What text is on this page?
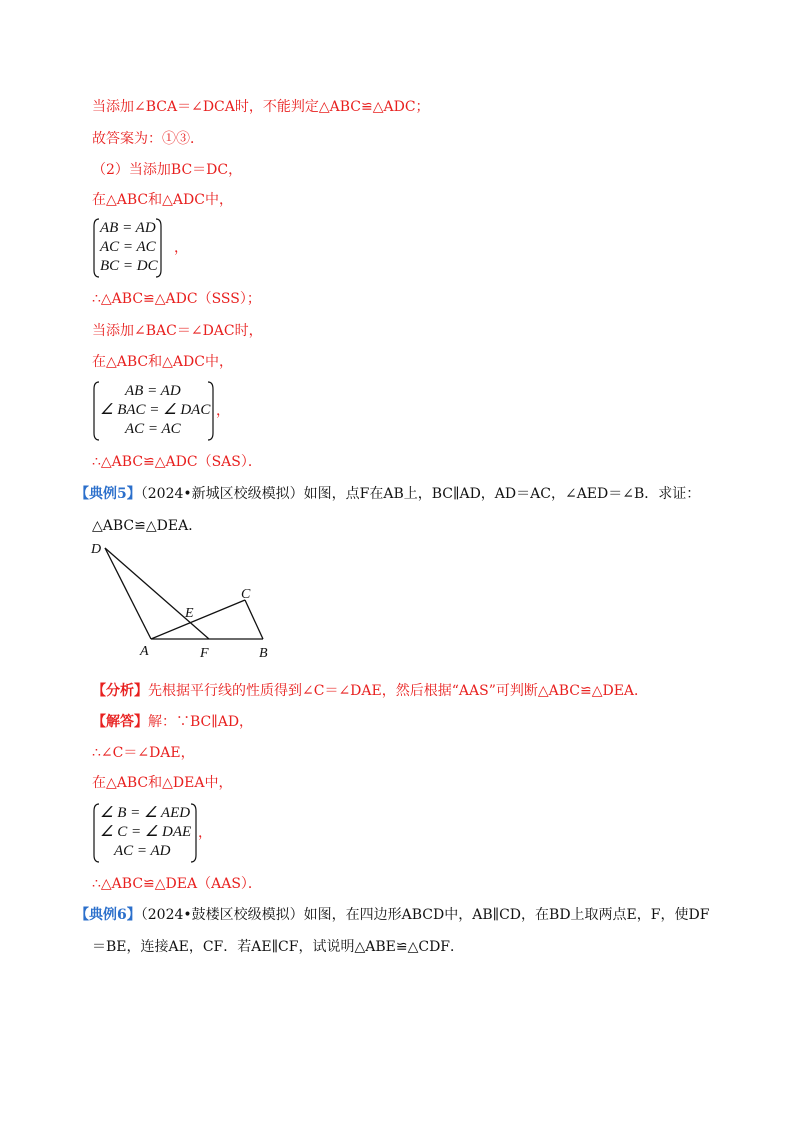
当添加∠BCA＝∠DCA时，不能判定△ABC≌△ADC；
故答案为：①③．
（2）当添加BC＝DC，
在△ABC和△ADC中，
AB = AD
AC = AC
BC = DC
，
∴△ABC≌△ADC（SSS）；
当添加∠BAC＝∠DAC时，
在△ABC和△ADC中，
AB = AD
∠ BAC = ∠ DAC
AC = AC
，
∴△ABC≌△ADC（SAS）．
【典例5】（2024•新城区校级模拟）如图，点F在AB上，BC∥AD，AD＝AC，∠AED＝∠B．求证：
△ABC≌△DEA．
D
E
C
A	F	B
【分析】先根据平行线的性质得到∠C＝∠DAE，然后根据“AAS”可判断△ABC≌△DEA．
【解答】解：∵BC∥AD，
∴∠C＝∠DAE，
在△ABC和△DEA中，
∠ B = ∠ AED
∠ C = ∠ DAE
AC = AD
，
∴△ABC≌△DEA（AAS）．
【典例6】（2024•鼓楼区校级模拟）如图，在四边形ABCD中，AB∥CD，在BD上取两点E，F，使DF
＝BE，连接AE，CF．若AE∥CF，试说明△ABE≌△CDF．
